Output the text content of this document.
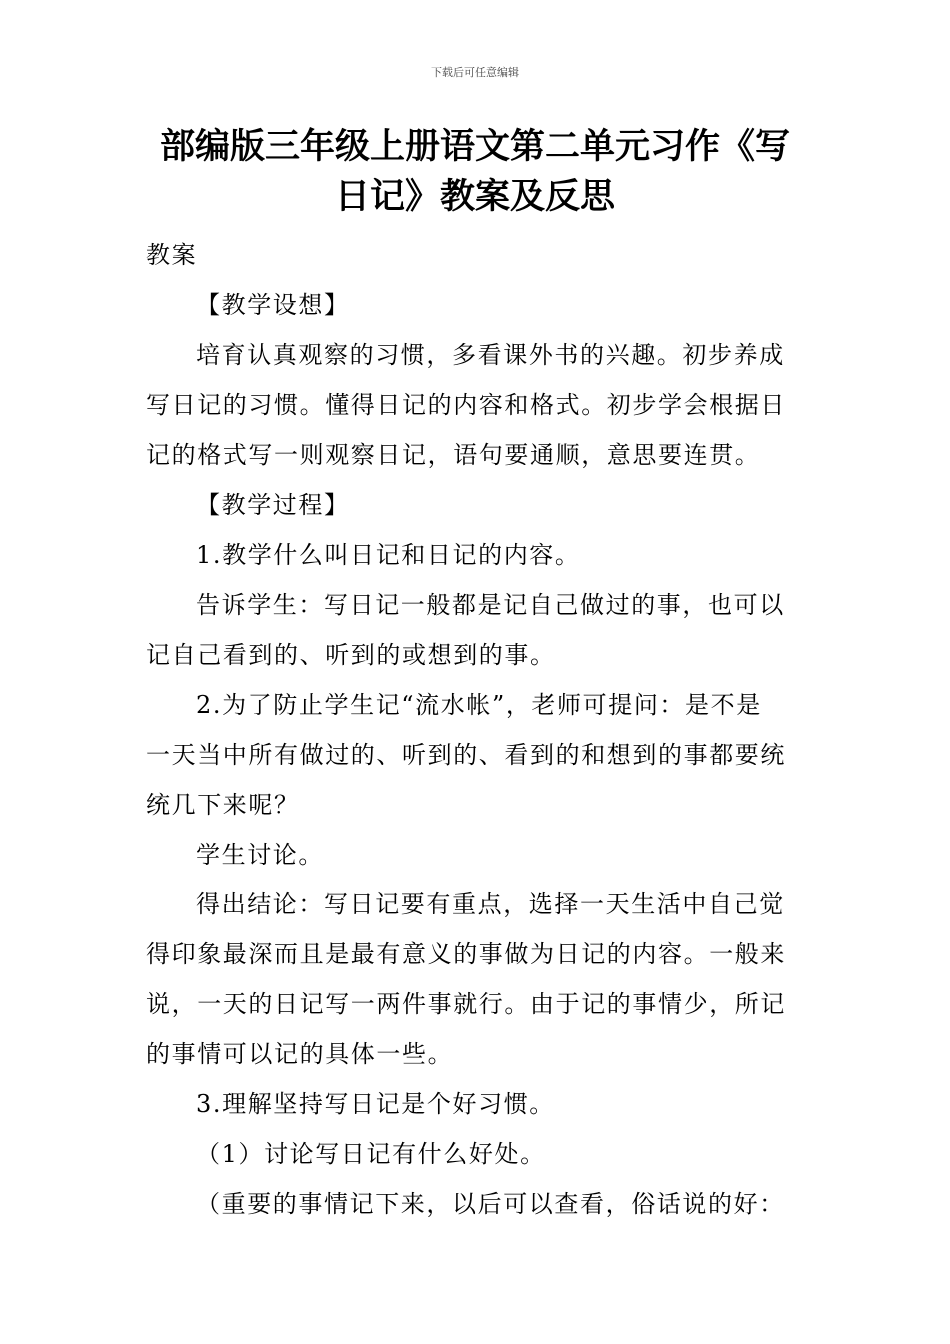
下载后可任意编辑
部编版三年级上册语文第二单元习作《写
日记》教案及反思
教案
【教学设想】
培育认真观察的习惯，多看课外书的兴趣。初步养成
写日记的习惯。懂得日记的内容和格式。初步学会根据日
记的格式写一则观察日记，语句要通顺，意思要连贯。
【教学过程】
1.教学什么叫日记和日记的内容。
告诉学生：写日记一般都是记自己做过的事，也可以
记自己看到的、听到的或想到的事。
2.为了防止学生记“流水帐”，老师可提问：是不是
一天当中所有做过的、听到的、看到的和想到的事都要统
统几下来呢？
学生讨论。
得出结论：写日记要有重点，选择一天生活中自己觉
得印象最深而且是最有意义的事做为日记的内容。一般来
说，一天的日记写一两件事就行。由于记的事情少，所记
的事情可以记的具体一些。
3.理解坚持写日记是个好习惯。
（1）讨论写日记有什么好处。
（重要的事情记下来，以后可以查看，俗话说的好：
